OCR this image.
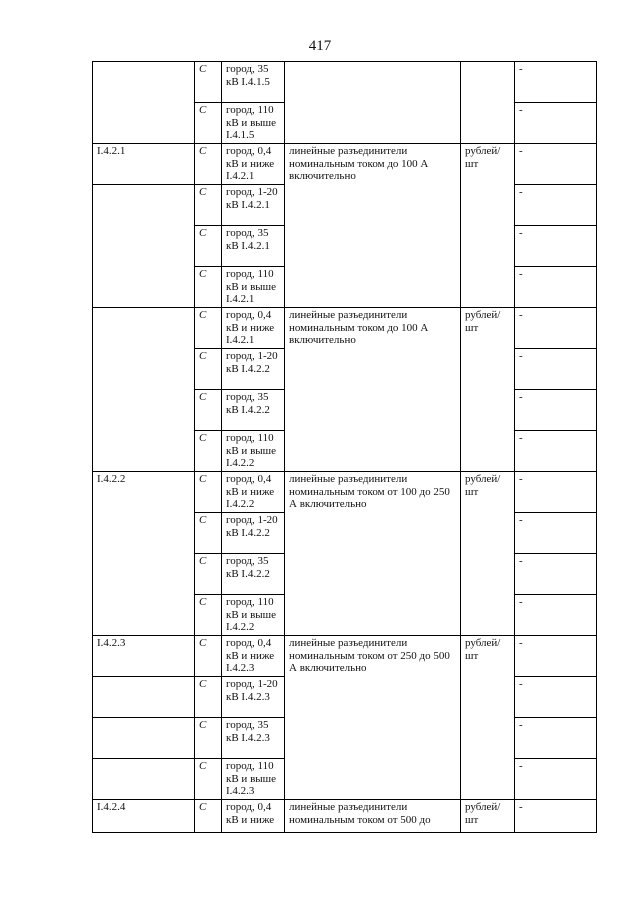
417
	С	город, 35 кВ I.4.1.5			-
	С	город, 110 кВ и выше I.4.1.5			-
I.4.2.1	С	город, 0,4 кВ и ниже I.4.2.1	линейные разъединители номинальным током до 100 А включительно	рублей/шт	-
	С	город, 1-20 кВ I.4.2.1			-
	С	город, 35 кВ I.4.2.1			-
	С	город, 110 кВ и выше I.4.2.1			-
	С	город, 0,4 кВ и ниже I.4.2.1	линейные разъединители номинальным током до 100 А включительно	рублей/шт	-
	С	город, 1-20 кВ I.4.2.2			-
	С	город, 35 кВ I.4.2.2			-
	С	город, 110 кВ и выше I.4.2.2			-
I.4.2.2	С	город, 0,4 кВ и ниже I.4.2.2	линейные разъединители номинальным током от 100 до 250 А включительно	рублей/шт	-
	С	город, 1-20 кВ I.4.2.2			-
	С	город, 35 кВ I.4.2.2			-
	С	город, 110 кВ и выше I.4.2.2			-
I.4.2.3	С	город, 0,4 кВ и ниже I.4.2.3	линейные разъединители номинальным током от 250 до 500 А включительно	рублей/шт	-
	С	город, 1-20 кВ I.4.2.3			-
	С	город, 35 кВ I.4.2.3			-
	С	город, 110 кВ и выше I.4.2.3			-
I.4.2.4	С	город, 0,4 кВ и ниже	линейные разъединители номинальным током от 500 до	рублей/шт	-
